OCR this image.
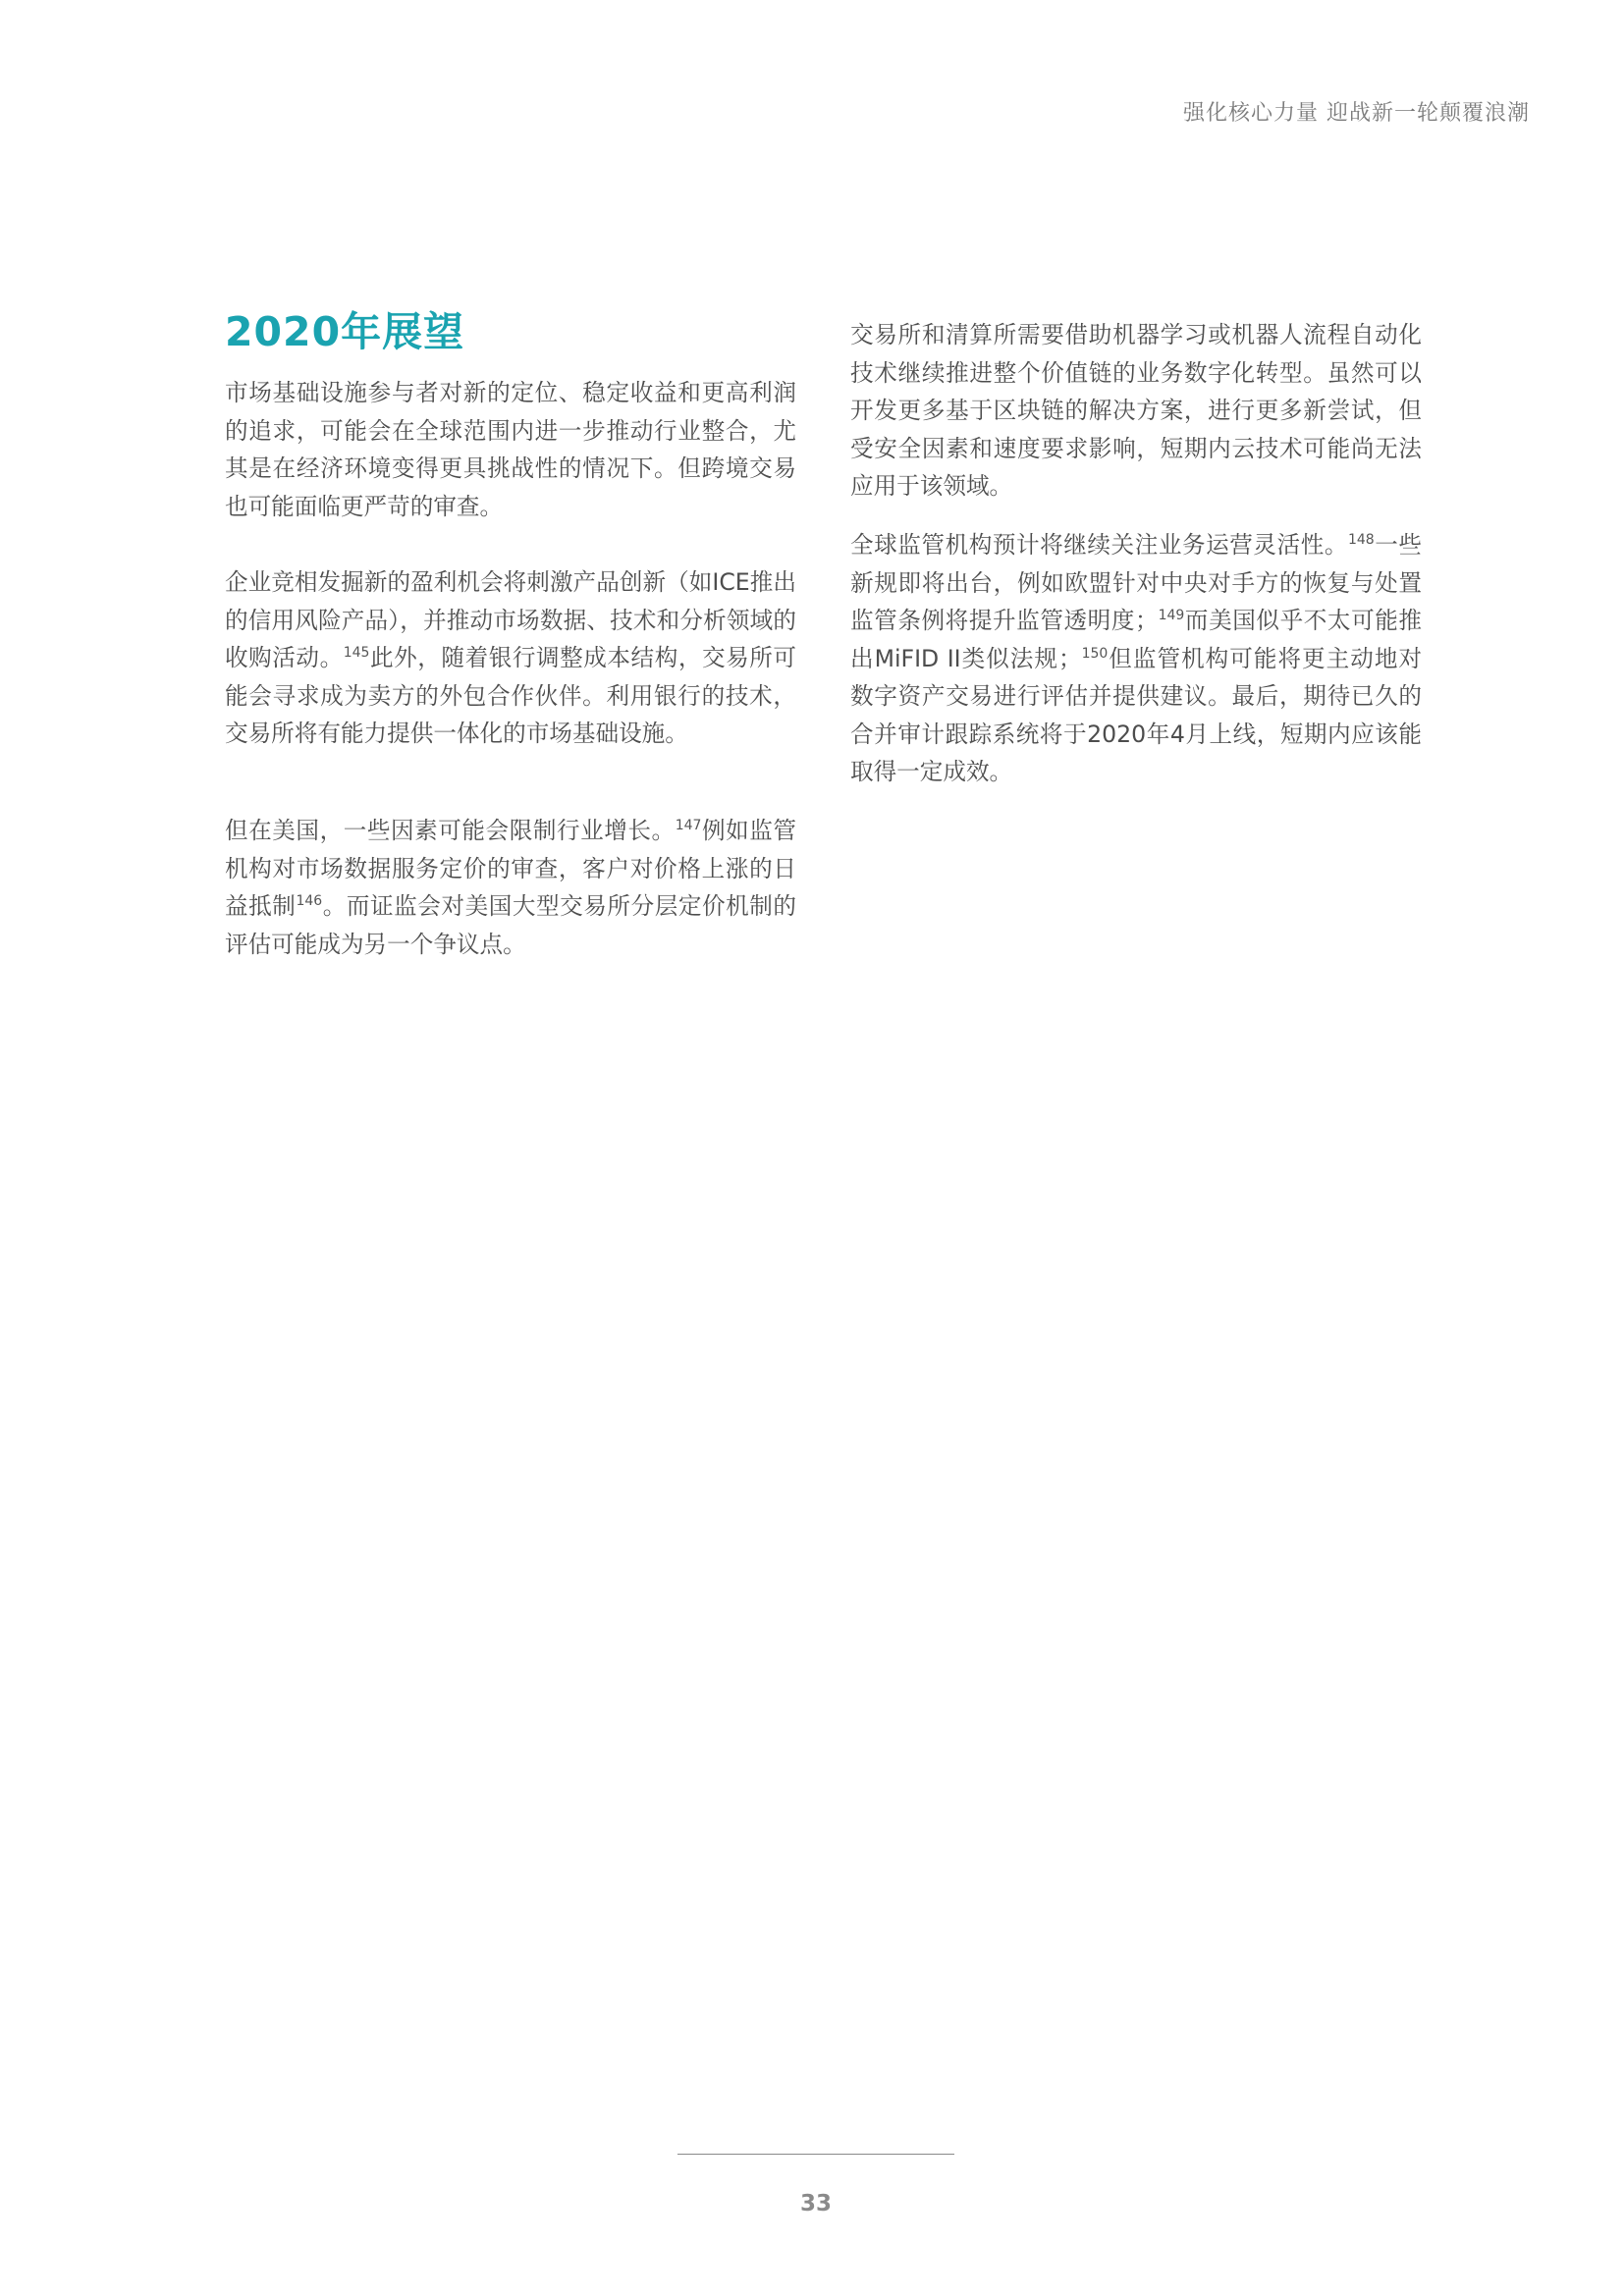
强化核心力量 迎战新一轮颠覆浪潮
2020年展望

市场基础设施参与者对新的定位、稳定收益和更高利润的追求，可能会在全球范围内进一步推动行业整合，尤其是在经济环境变得更具挑战性的情况下。但跨境交易也可能面临更严苛的审查。

企业竞相发掘新的盈利机会将刺激产品创新（如ICE推出的信用风险产品），并推动市场数据、技术和分析领域的收购活动。$^{145}$此外，随着银行调整成本结构，交易所可能会寻求成为卖方的外包合作伙伴。利用银行的技术，交易所将有能力提供一体化的市场基础设施。

但在美国，一些因素可能会限制行业增长。$^{147}$例如监管机构对市场数据服务定价的审查，客户对价格上涨的日益抵制$^{146}$。而证监会对美国大型交易所分层定价机制的评估可能成为另一个争议点。

交易所和清算所需要借助机器学习或机器人流程自动化技术继续推进整个价值链的业务数字化转型。虽然可以开发更多基于区块链的解决方案，进行更多新尝试，但受安全因素和速度要求影响，短期内云技术可能尚无法应用于该领域。

全球监管机构预计将继续关注业务运营灵活性。$^{148}$一些新规即将出台，例如欧盟针对中央对手方的恢复与处置监管条例将提升监管透明度；$^{149}$而美国似乎不太可能推出MiFID II类似法规；$^{150}$但监管机构可能将更主动地对数字资产交易进行评估并提供建议。最后，期待已久的合并审计跟踪系统将于2020年4月上线，短期内应该能取得一定成效。

33
